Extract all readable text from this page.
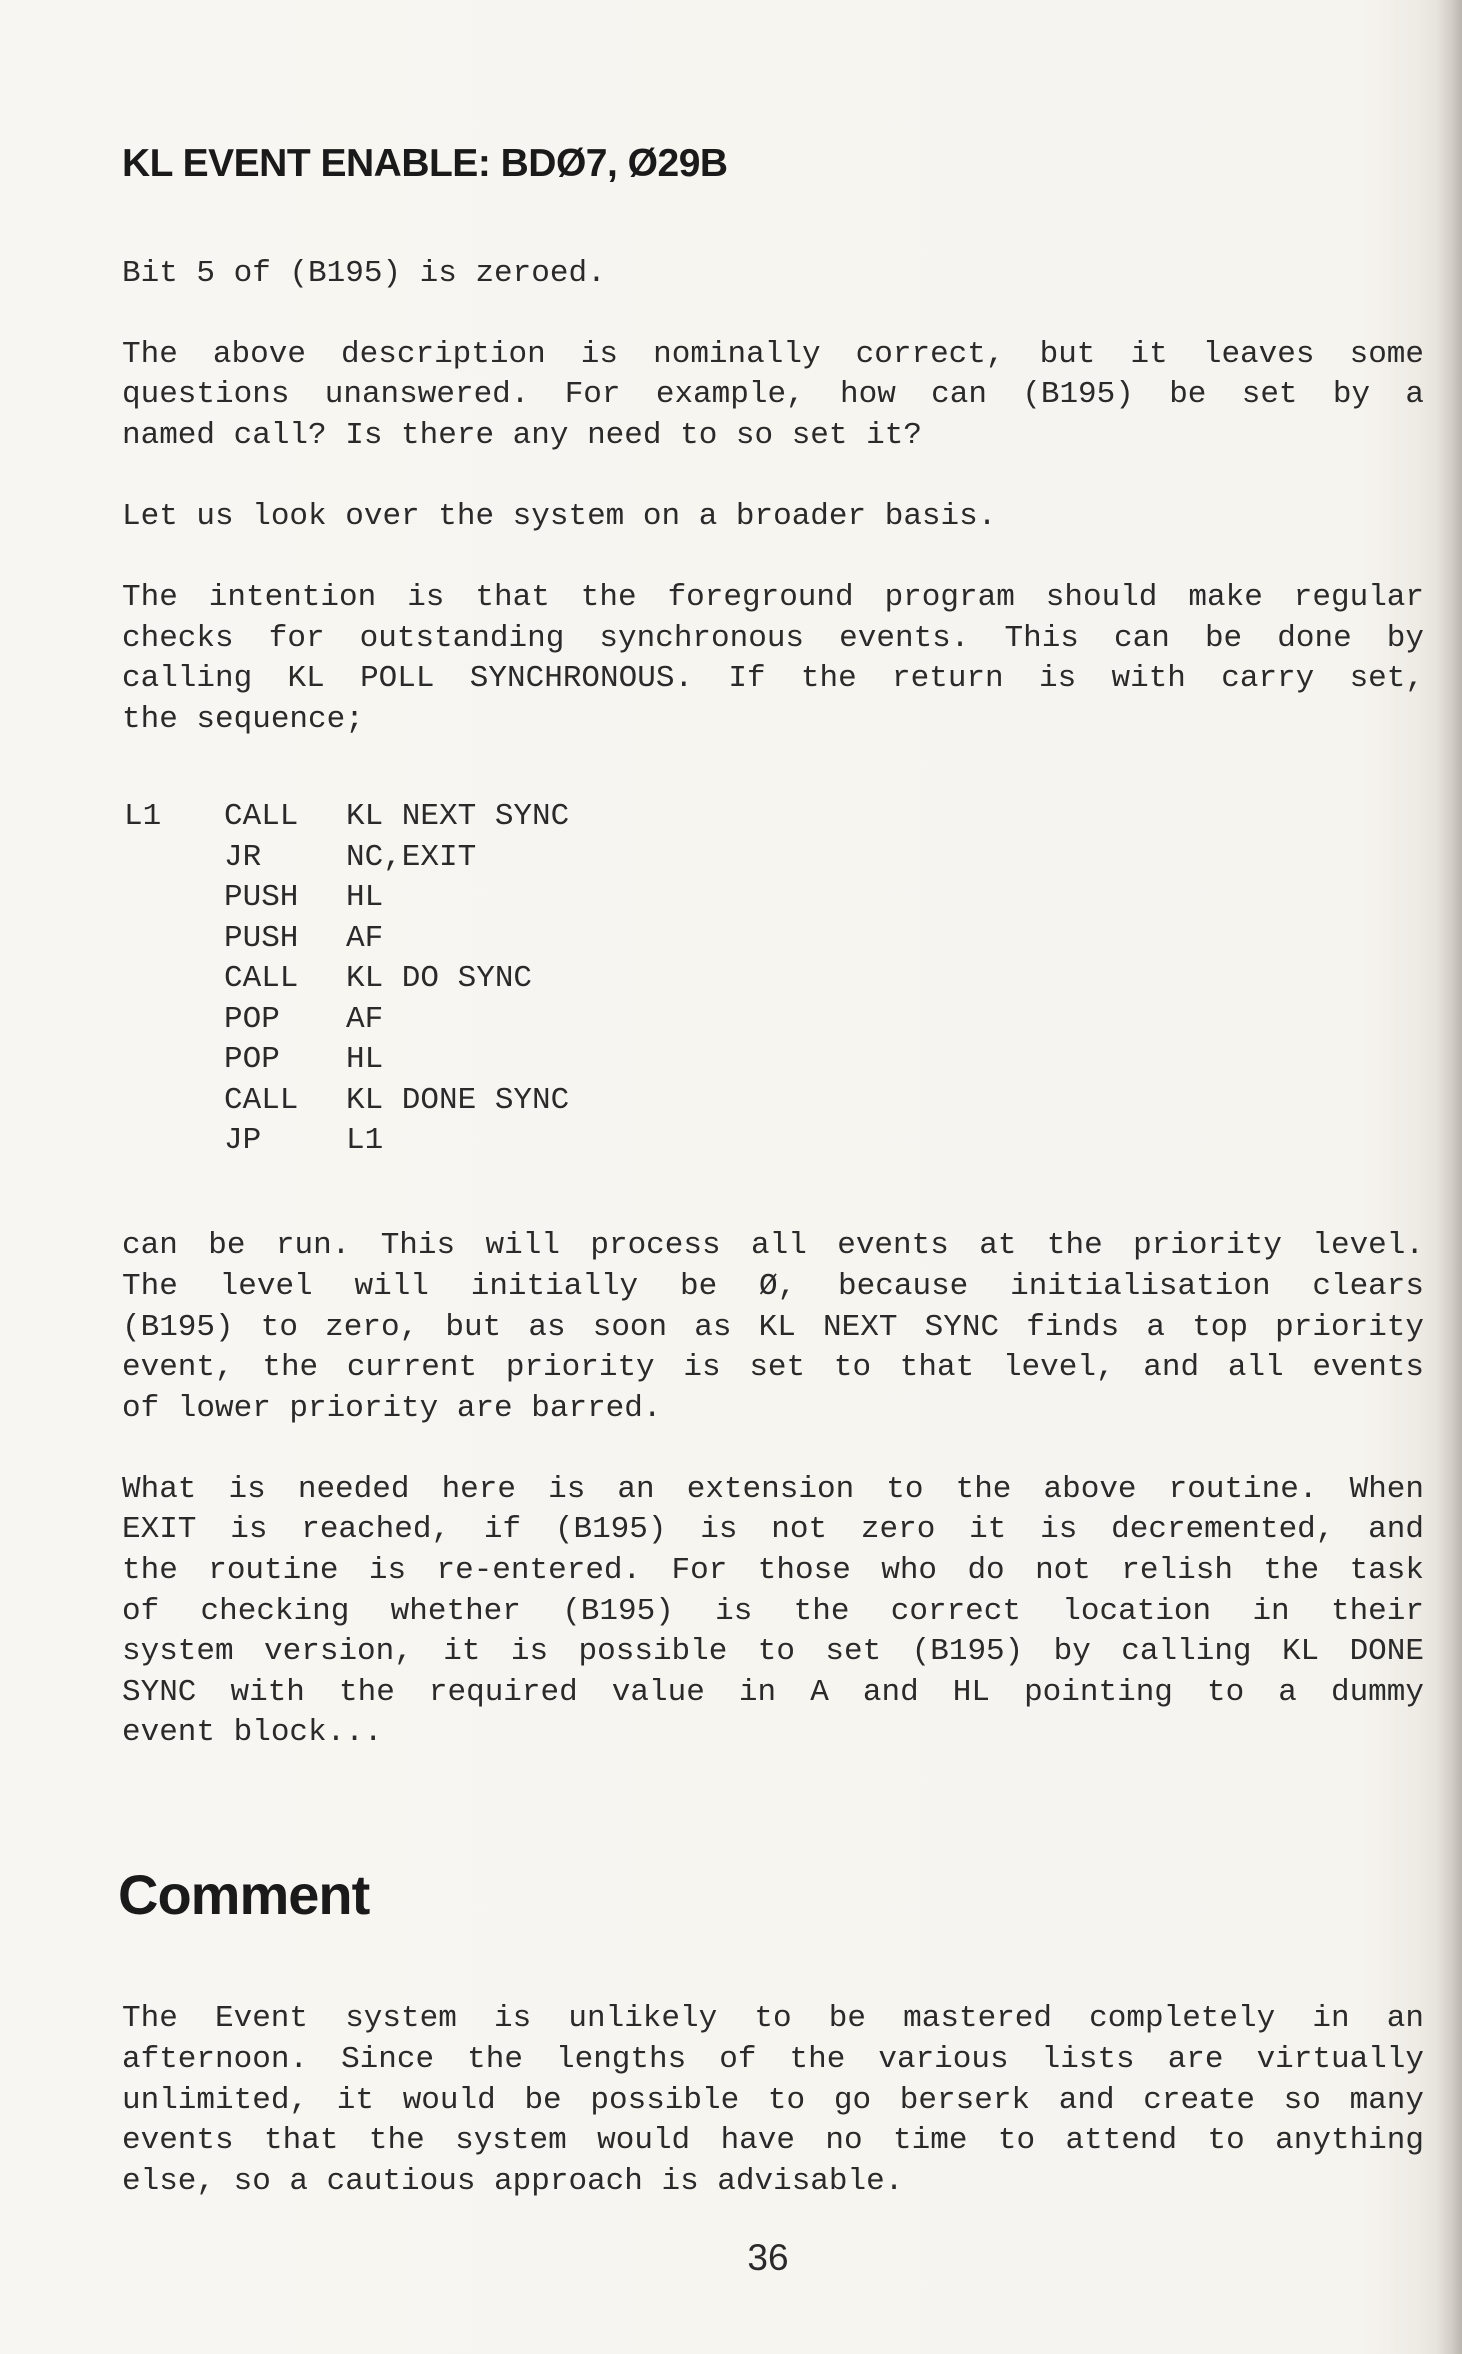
KL EVENT ENABLE: BDØ7, Ø29B

Bit 5 of (B195) is zeroed.

The above description is nominally correct, but it leaves some

questions unanswered. For example, how can (B195) be set by a

named call? Is there any need to so set it?

Let us look over the system on a broader basis.

The intention is that the foreground program should make regular

checks for outstanding synchronous events. This can be done by

calling KL POLL SYNCHRONOUS. If the return is with carry set,

the sequence;

L1 CALL KL NEXT SYNC
JR	NC,EXIT
PUSH HL
PUSH AF
CALL KL DO SYNC
POP AF
POP HL
CALL KL DONE SYNC
JP	L1

can be run. This will process all events at the priority level.

The level will initially be Ø, because initialisation clears

(B195) to zero, but as soon as KL NEXT SYNC finds a top priority

event, the current priority is set to that level, and all events

of lower priority are barred.

What is needed here is an extension to the above routine. When

EXIT is reached, if (B195) is not zero it is decremented, and

the routine is re-entered. For those who do not relish the task

of checking whether (B195) is the correct location in their

system version, it is possible to set (B195) by calling KL DONE

SYNC with the required value in A and HL pointing to a dummy

event block...

Comment

The Event system is unlikely to be mastered completely in an

afternoon. Since the lengths of the various lists are virtually

unlimited, it would be possible to go berserk and create so many

events that the system would have no time to attend to anything

else, so a cautious approach is advisable.

36
